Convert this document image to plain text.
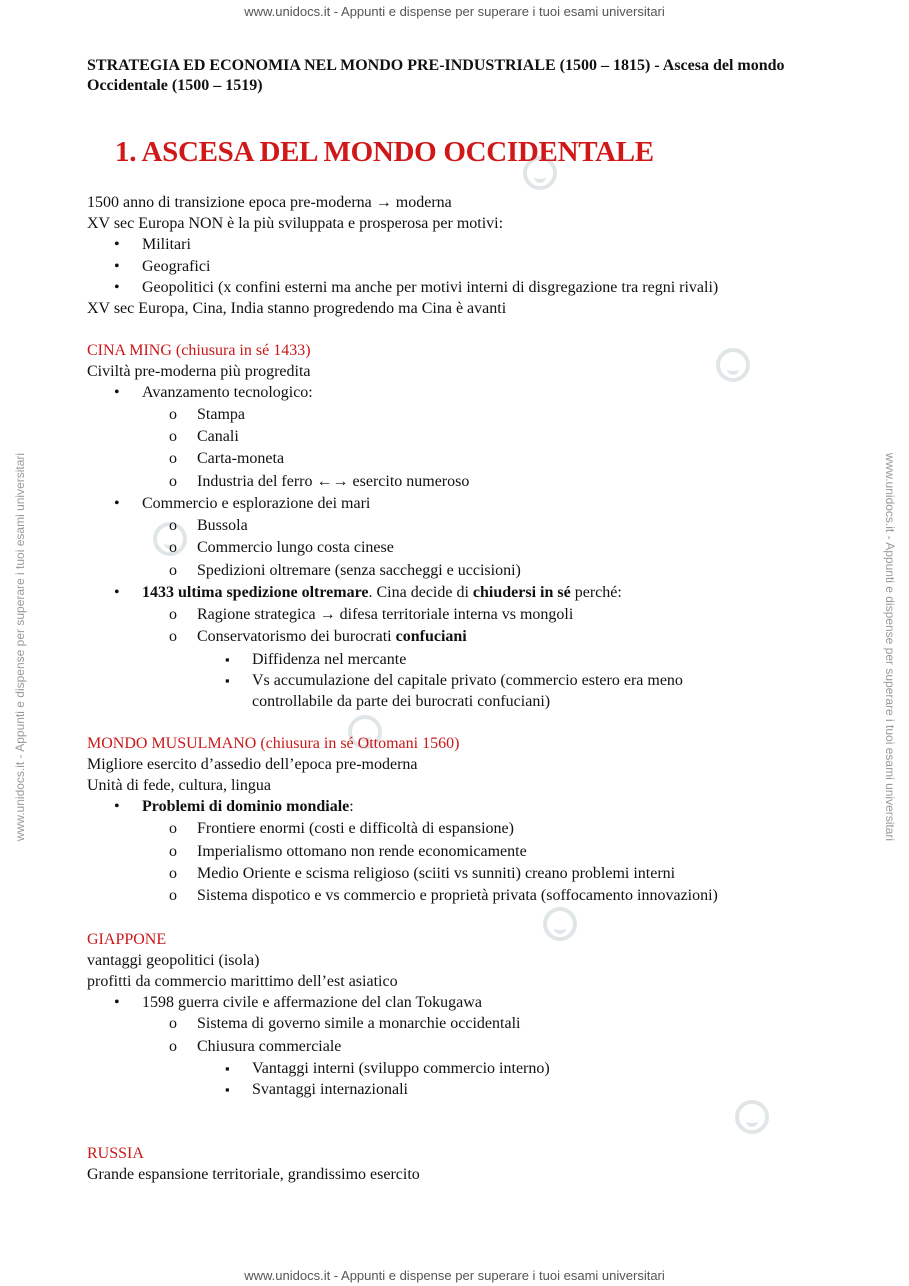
www.unidocs.it - Appunti e dispense per superare i tuoi esami universitari
www.unidocs.it - Appunti e dispense per superare i tuoi esami universitari
www.unidocs.it - Appunti e dispense per superare i tuoi esami universitari	www.unidocs.it - Appunti e dispense per superare i tuoi esami universitari
STRATEGIA ED ECONOMIA NEL MONDO PRE-INDUSTRIALE (1500 – 1815) - Ascesa del mondo Occidentale (1500 – 1519)
1. ASCESA DEL MONDO OCCIDENTALE
1500 anno di transizione epoca pre-moderna → moderna
XV sec Europa NON è la più sviluppata e prosperosa per motivi:
• Militari
• Geografici
• Geopolitici (x confini esterni ma anche per motivi interni di disgregazione tra regni rivali)
XV sec Europa, Cina, India stanno progredendo ma Cina è avanti
CINA MING (chiusura in sé 1433)
Civiltà pre-moderna più progredita
• Avanzamento tecnologico:
o Stampa
o Canali
o Carta-moneta
o Industria del ferro ←→ esercito numeroso
• Commercio e esplorazione dei mari
o Bussola
o Commercio lungo costa cinese
o Spedizioni oltremare (senza saccheggi e uccisioni)
• 1433 ultima spedizione oltremare. Cina decide di chiudersi in sé perché:
o Ragione strategica → difesa territoriale interna vs mongoli
o Conservatorismo dei burocrati confuciani
▪ Diffidenza nel mercante
▪ Vs accumulazione del capitale privato (commercio estero era meno
controllabile da parte dei burocrati confuciani)
MONDO MUSULMANO (chiusura in sé Ottomani 1560)
Migliore esercito d’assedio dell’epoca pre-moderna
Unità di fede, cultura, lingua
• Problemi di dominio mondiale:
o Frontiere enormi (costi e difficoltà di espansione)
o Imperialismo ottomano non rende economicamente
o Medio Oriente e scisma religioso (sciiti vs sunniti) creano problemi interni
o Sistema dispotico e vs commercio e proprietà privata (soffocamento innovazioni)
GIAPPONE
vantaggi geopolitici (isola)
profitti da commercio marittimo dell’est asiatico
• 1598 guerra civile e affermazione del clan Tokugawa
o Sistema di governo simile a monarchie occidentali
o Chiusura commerciale
▪ Vantaggi interni (sviluppo commercio interno)
▪ Svantaggi internazionali
RUSSIA
Grande espansione territoriale, grandissimo esercito
